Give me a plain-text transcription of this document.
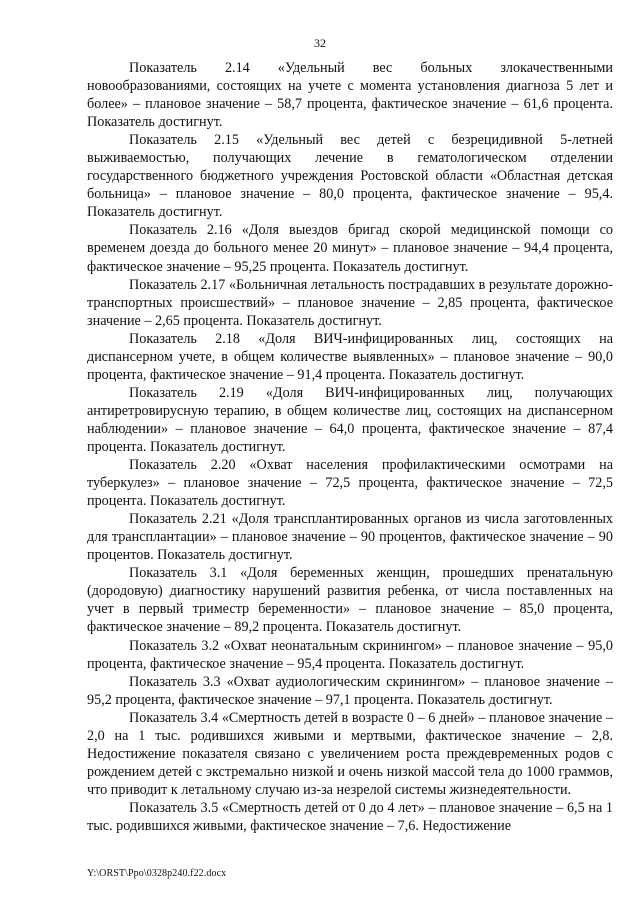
32

Показатель 2.14 «Удельный вес больных злокачественными новообразованиями, состоящих на учете с момента установления диагноза 5 лет и более» – плановое значение – 58,7 процента, фактическое значение – 61,6 процента. Показатель достигнут.

Показатель 2.15 «Удельный вес детей с безрецидивной 5-летней выживаемостью, получающих лечение в гематологическом отделении государственного бюджетного учреждения Ростовской области «Областная детская больница» – плановое значение – 80,0 процента, фактическое значение – 95,4. Показатель достигнут.

Показатель 2.16 «Доля выездов бригад скорой медицинской помощи со временем доезда до больного менее 20 минут» – плановое значение – 94,4 процента, фактическое значение – 95,25 процента. Показатель достигнут.

Показатель 2.17 «Больничная летальность пострадавших в результате дорожно-транспортных происшествий» – плановое значение – 2,85 процента, фактическое значение – 2,65 процента. Показатель достигнут.

Показатель 2.18 «Доля ВИЧ-инфицированных лиц, состоящих на диспансерном учете, в общем количестве выявленных» – плановое значение – 90,0 процента, фактическое значение – 91,4 процента. Показатель достигнут.

Показатель 2.19 «Доля ВИЧ-инфицированных лиц, получающих антиретровирусную терапию, в общем количестве лиц, состоящих на диспансерном наблюдении» – плановое значение – 64,0 процента, фактическое значение – 87,4 процента. Показатель достигнут.

Показатель 2.20 «Охват населения профилактическими осмотрами на туберкулез» – плановое значение – 72,5 процента, фактическое значение – 72,5 процента. Показатель достигнут.

Показатель 2.21 «Доля трансплантированных органов из числа заготовленных для трансплантации» – плановое значение – 90 процентов, фактическое значение – 90 процентов. Показатель достигнут.

Показатель 3.1 «Доля беременных женщин, прошедших пренатальную (дородовую) диагностику нарушений развития ребенка, от числа поставленных на учет в первый триместр беременности» – плановое значение – 85,0 процента, фактическое значение – 89,2 процента. Показатель достигнут.

Показатель 3.2 «Охват неонатальным скринингом» – плановое значение – 95,0 процента, фактическое значение – 95,4 процента. Показатель достигнут.

Показатель 3.3 «Охват аудиологическим скринингом» – плановое значение – 95,2 процента, фактическое значение – 97,1 процента. Показатель достигнут.

Показатель 3.4 «Смертность детей в возрасте 0 – 6 дней» – плановое значение – 2,0 на 1 тыс. родившихся живыми и мертвыми, фактическое значение – 2,8. Недостижение показателя связано с увеличением роста преждевременных родов с рождением детей с экстремально низкой и очень низкой массой тела до 1000 граммов, что приводит к летальному случаю из-за незрелой системы жизнедеятельности.

Показатель 3.5 «Смертность детей от 0 до 4 лет» – плановое значение – 6,5 на 1 тыс. родившихся живыми, фактическое значение – 7,6. Недостижение

Y:\ORST\Ppo\0328p240.f22.docx
